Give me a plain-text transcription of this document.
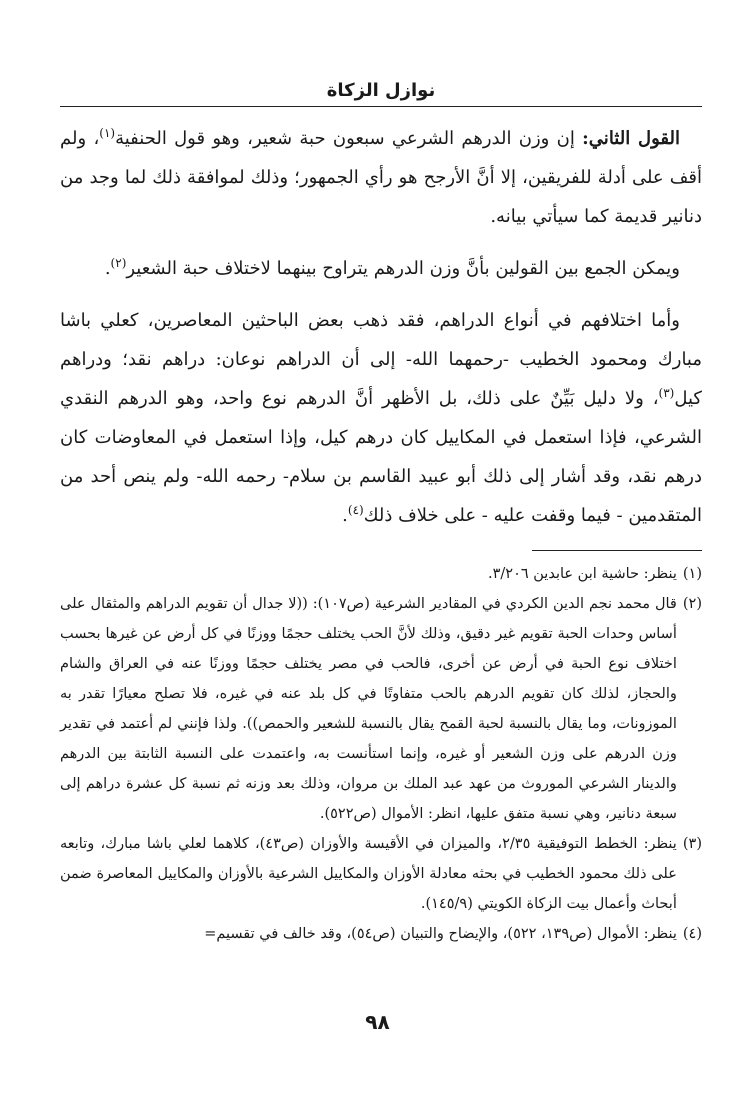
نوازل الزكاة

القول الثاني: إن وزن الدرهم الشرعي سبعون حبة شعير، وهو قول الحنفية$^{(١)}$، ولم أقف على أدلة للفريقين، إلا أنَّ الأرجح هو رأي الجمهور؛ وذلك لموافقة ذلك لما وجد من دنانير قديمة كما سيأتي بيانه.

ويمكن الجمع بين القولين بأنَّ وزن الدرهم يتراوح بينهما لاختلاف حبة الشعير$^{(٢)}$.

وأما اختلافهم في أنواع الدراهم، فقد ذهب بعض الباحثين المعاصرين، كعلي باشا مبارك ومحمود الخطيب -رحمهما الله- إلى أن الدراهم نوعان: دراهم نقد؛ ودراهم كيل$^{(٣)}$، ولا دليل بَيِّنٌ على ذلك، بل الأظهر أنَّ الدرهم نوع واحد، وهو الدرهم النقدي الشرعي، فإذا استعمل في المكاييل كان درهم كيل، وإذا استعمل في المعاوضات كان درهم نقد، وقد أشار إلى ذلك أبو عبيد القاسم بن سلام- رحمه الله- ولم ينص أحد من المتقدمين - فيما وقفت عليه - على خلاف ذلك$^{(٤)}$.

(١)
ينظر: حاشية ابن عابدين ٣/٢٠٦.
(٢)
قال محمد نجم الدين الكردي في المقادير الشرعية (ص١٠٧): ((لا جدال أن تقويم الدراهم والمثقال على أساس وحدات الحبة تقويم غير دقيق، وذلك لأنَّ الحب يختلف حجمًا ووزنًا في كل أرض عن غيرها بحسب اختلاف نوع الحبة في أرض عن أخرى، فالحب في مصر يختلف حجمًا ووزنًا عنه في العراق والشام والحجاز، لذلك كان تقويم الدرهم بالحب متفاوتًا في كل بلد عنه في غيره، فلا تصلح معيارًا تقدر به الموزونات، وما يقال بالنسبة لحبة القمح يقال بالنسبة للشعير والحمص)). ولذا فإنني لم أعتمد في تقدير وزن الدرهم على وزن الشعير أو غيره، وإنما استأنست به، واعتمدت على النسبة الثابتة بين الدرهم والدينار الشرعي الموروث من عهد عبد الملك بن مروان، وذلك بعد وزنه ثم نسبة كل عشرة دراهم إلى سبعة دنانير، وهي نسبة متفق عليها، انظر: الأموال (ص٥٢٢).
(٣)
ينظر: الخطط التوفيقية ٢/٣٥، والميزان في الأقيسة والأوزان (ص٤٣)، كلاهما لعلي باشا مبارك، وتابعه على ذلك محمود الخطيب في بحثه معادلة الأوزان والمكاييل الشرعية بالأوزان والمكاييل المعاصرة ضمن أبحاث وأعمال بيت الزكاة الكويتي (١٤٥/٩).
(٤)
ينظر: الأموال (ص١٣٩، ٥٢٢)، والإيضاح والتبيان (ص٥٤)، وقد خالف في تقسيم=
٩٨
